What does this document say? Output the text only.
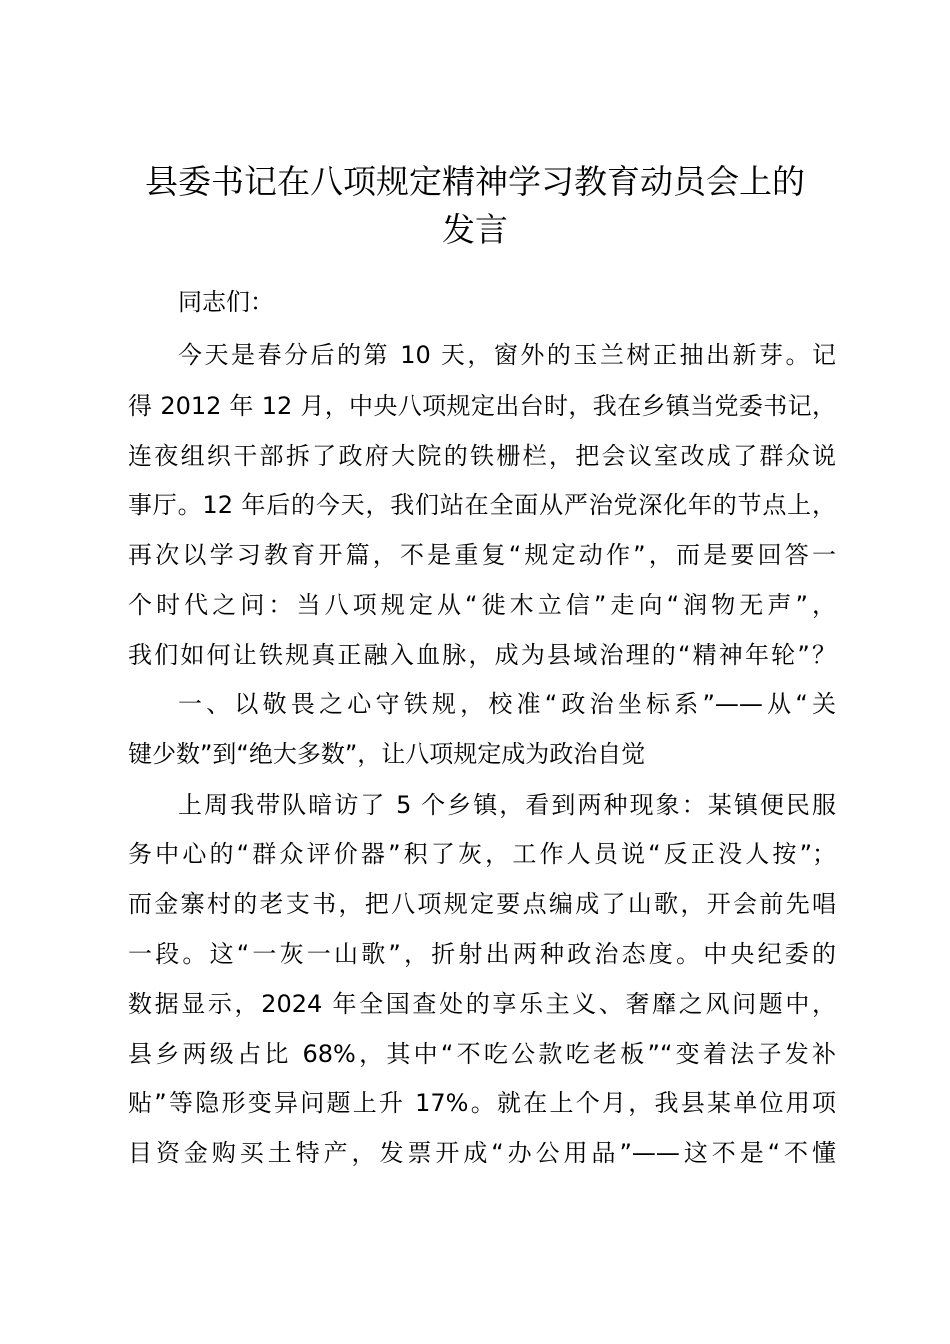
县委书记在八项规定精神学习教育动员会上的
发言

同志们：

今天是春分后的第 10 天，窗外的玉兰树正抽出新芽。记

得 2012 年 12 月，中央八项规定出台时，我在乡镇当党委书记，

连夜组织干部拆了政府大院的铁栅栏，把会议室改成了群众说

事厅。12 年后的今天，我们站在全面从严治党深化年的节点上，

再次以学习教育开篇，不是重复“规定动作”，而是要回答一

个时代之问：当八项规定从“徙木立信”走向“润物无声”，

我们如何让铁规真正融入血脉，成为县域治理的“精神年轮”？

一、以敬畏之心守铁规，校准“政治坐标系”——从“关

键少数”到“绝大多数”，让八项规定成为政治自觉

上周我带队暗访了 5 个乡镇，看到两种现象：某镇便民服

务中心的“群众评价器”积了灰，工作人员说“反正没人按”；

而金寨村的老支书，把八项规定要点编成了山歌，开会前先唱

一段。这“一灰一山歌”，折射出两种政治态度。中央纪委的

数据显示，2024 年全国查处的享乐主义、奢靡之风问题中，

县乡两级占比 68%，其中“不吃公款吃老板”“变着法子发补

贴”等隐形变异问题上升 17%。就在上个月，我县某单位用项

目资金购买土特产，发票开成“办公用品”——这不是“不懂
